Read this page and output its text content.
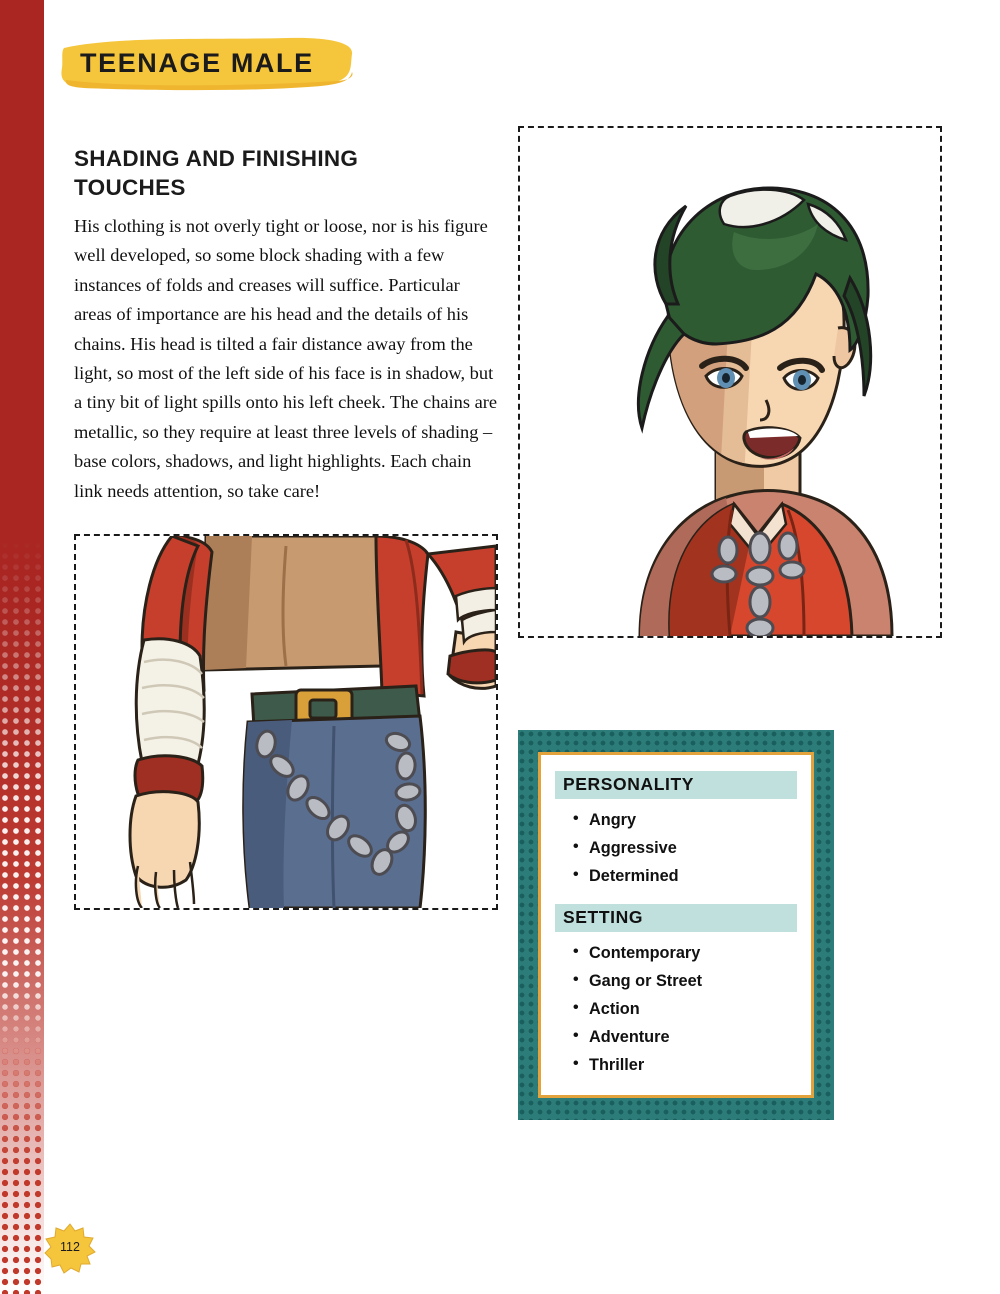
TEENAGE MALE
SHADING AND FINISHING TOUCHES
His clothing is not overly tight or loose, nor is his figure well developed, so some block shading with a few instances of folds and creases will suffice. Particular areas of importance are his head and the details of his chains. His head is tilted a fair distance away from the light, so most of the left side of his face is in shadow, but a tiny bit of light spills onto his left cheek. The chains are metallic, so they require at least three levels of shading – base colors, shadows, and light highlights. Each chain link needs attention, so take care!
PERSONALITY
• Angry
• Aggressive
• Determined
SETTING
• Contemporary
• Gang or Street
• Action
• Adventure
• Thriller
112
